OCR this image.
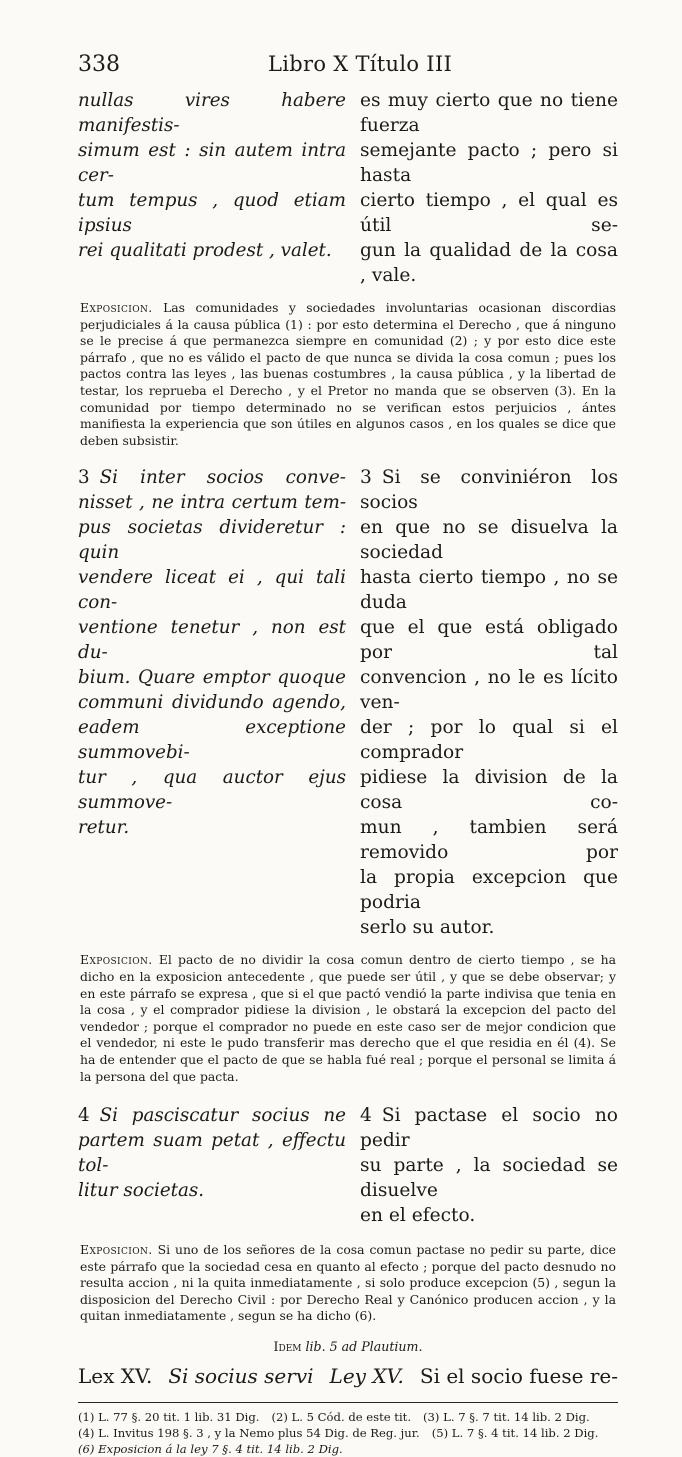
338	Libro X Título III

nullas vires habere manifestis-

simum est : sin autem intra cer-

tum tempus , quod etiam ipsius

rei qualitati prodest , valet.

es muy cierto que no tiene fuerza

semejante pacto ; pero si hasta

cierto tiempo , el qual es útil se-

gun la qualidad de la cosa , vale.

Exposicion. Las comunidades y sociedades involuntarias ocasionan discordias perjudiciales á la causa pública (1) : por esto determina el Derecho , que á ninguno se le precise á que permanezca siempre en comunidad (2) ; y por esto dice este párrafo , que no es válido el pacto de que nunca se divida la cosa comun ; pues los pactos contra las leyes , las buenas costumbres , la causa pública , y la libertad de testar, los reprueba el Derecho , y el Pretor no manda que se observen (3). En la comunidad por tiempo determinado no se verifican estos perjuicios , ántes manifiesta la experiencia que son útiles en algunos casos , en los quales se dice que deben subsistir.

3 Si inter socios conve-

nisset , ne intra certum tem-

pus societas divideretur : quin

vendere liceat ei , qui tali con-

ventione tenetur , non est du-

bium. Quare emptor quoque

communi dividundo agendo,

eadem exceptione summovebi-

tur , qua auctor ejus summove-

retur.

3 Si se conviniéron los socios

en que no se disuelva la sociedad

hasta cierto tiempo , no se duda

que el que está obligado por tal

convencion , no le es lícito ven-

der ; por lo qual si el comprador

pidiese la division de la cosa co-

mun , tambien será removido por

la propia excepcion que podria

serlo su autor.

Exposicion. El pacto de no dividir la cosa comun dentro de cierto tiempo , se ha dicho en la exposicion antecedente , que puede ser útil , y que se debe observar; y en este párrafo se expresa , que si el que pactó vendió la parte indivisa que tenia en la cosa , y el comprador pidiese la division , le obstará la excepcion del pacto del vendedor ; porque el comprador no puede en este caso ser de mejor condicion que el vendedor, ni este le pudo transferir mas derecho que el que residia en él (4). Se ha de entender que el pacto de que se habla fué real ; porque el personal se limita á la persona del que pacta.

4 Si pasciscatur socius ne

partem suam petat , effectu tol-

litur societas.

4 Si pactase el socio no pedir

su parte , la sociedad se disuelve

en el efecto.

Exposicion. Si uno de los señores de la cosa comun pactase no pedir su parte, dice este párrafo que la sociedad cesa en quanto al efecto ; porque del pacto desnudo no resulta accion , ni la quita inmediatamente , si solo produce excepcion (5) , segun la disposicion del Derecho Civil : por Derecho Real y Canónico producen accion , y la quitan inmediatamente , segun se ha dicho (6).

Idem lib. 5 ad Plautium.
Lex XV. Si socius servi Ley XV. Si el socio fuese re-
(1) L. 77 §. 20 tit. 1 lib. 31 Dig. (2) L. 5 Cód. de este tit. (3) L. 7 §. 7 tit. 14 lib. 2 Dig.
(4) L. Invitus 198 §. 3 , y la Nemo plus 54 Dig. de Reg. jur. (5) L. 7 §. 4 tit. 14 lib. 2 Dig.
(6) Exposicion á la ley 7 §. 4 tit. 14 lib. 2 Dig.
